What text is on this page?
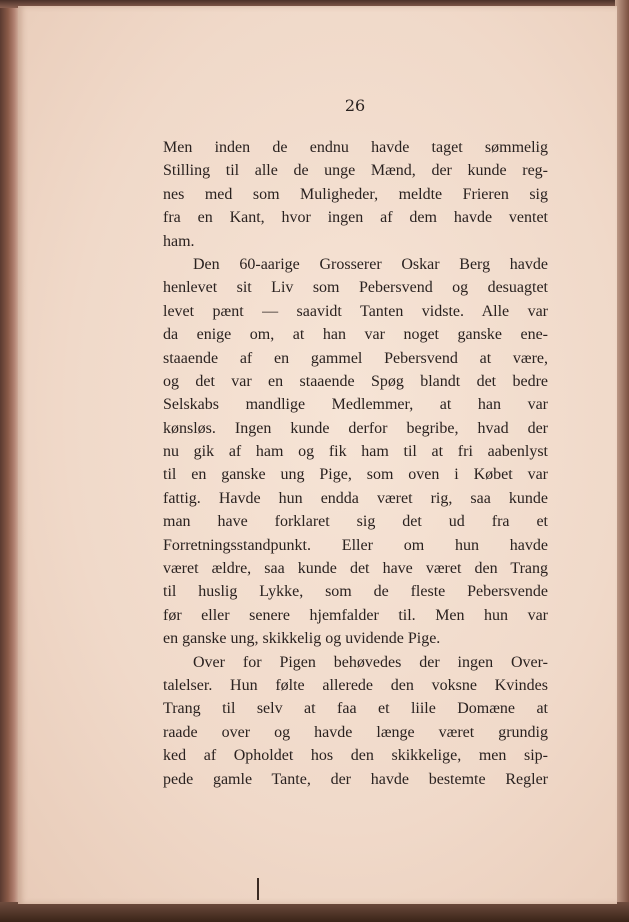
26
Men inden de endnu havde taget sømmelig
Stilling til alle de unge Mænd, der kunde reg-
nes med som Muligheder, meldte Frieren sig
fra en Kant, hvor ingen af dem havde ventet
ham.
Den 60-aarige Grosserer Oskar Berg havde
henlevet sit Liv som Pebersvend og desuagtet
levet pænt — saavidt Tanten vidste. Alle var
da enige om, at han var noget ganske ene-
staaende af en gammel Pebersvend at være,
og det var en staaende Spøg blandt det bedre
Selskabs mandlige Medlemmer, at han var
kønsløs. Ingen kunde derfor begribe, hvad der
nu gik af ham og fik ham til at fri aabenlyst
til en ganske ung Pige, som oven i Købet var
fattig. Havde hun endda været rig, saa kunde
man have forklaret sig det ud fra et
Forretningsstandpunkt. Eller om hun havde
været ældre, saa kunde det have været den Trang
til huslig Lykke, som de fleste Pebersvende
før eller senere hjemfalder til. Men hun var
en ganske ung, skikkelig og uvidende Pige.
Over for Pigen behøvedes der ingen Over-
talelser. Hun følte allerede den voksne Kvindes
Trang til selv at faa et liile Domæne at
raade over og havde længe været grundig
ked af Opholdet hos den skikkelige, men sip-
pede gamle Tante, der havde bestemte Regler
